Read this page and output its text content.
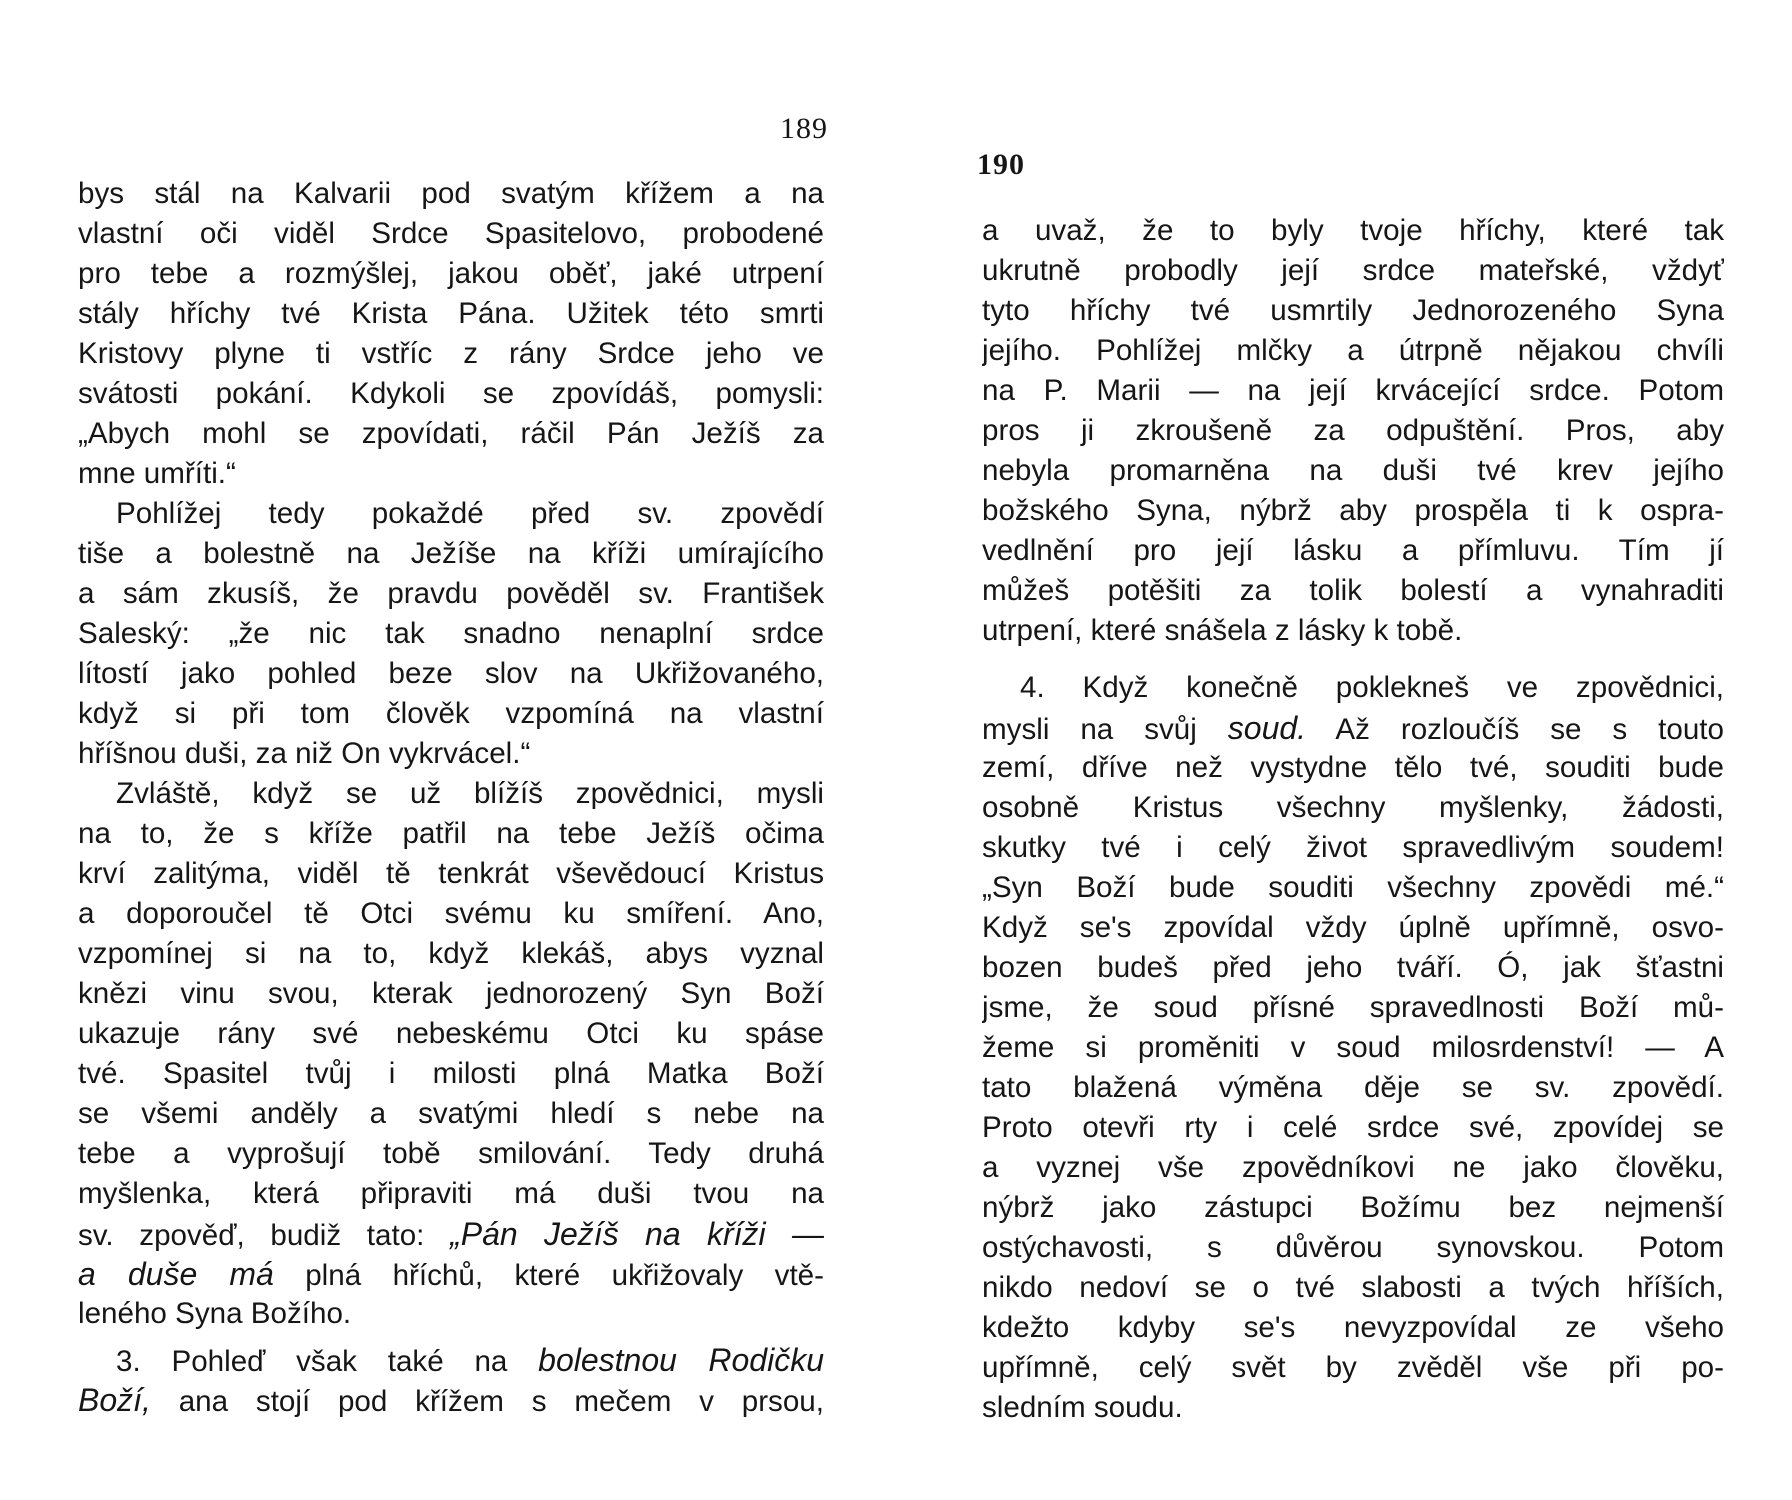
189
190
bys stál na Kalvarii pod svatým křížem a na
vlastní oči viděl Srdce Spasitelovo, probodené
pro tebe a rozmýšlej, jakou oběť, jaké utrpení
stály hříchy tvé Krista Pána. Užitek této smrti
Kristovy plyne ti vstříc z rány Srdce jeho ve
svátosti pokání. Kdykoli se zpovídáš, pomysli:
„Abych mohl se zpovídati, ráčil Pán Ježíš za
mne umříti.“
Pohlížej tedy pokaždé před sv. zpovědí
tiše a bolestně na Ježíše na kříži umírajícího
a sám zkusíš, že pravdu pověděl sv. František
Saleský: „že nic tak snadno nenaplní srdce
lítostí jako pohled beze slov na Ukřižovaného,
když si při tom člověk vzpomíná na vlastní
hříšnou duši, za niž On vykrvácel.“
Zvláště, když se už blížíš zpovědnici, mysli
na to, že s kříže patřil na tebe Ježíš očima
krví zalitýma, viděl tě tenkrát vševědoucí Kristus
a doporoučel tě Otci svému ku smíření. Ano,
vzpomínej si na to, když klekáš, abys vyznal
knězi vinu svou, kterak jednorozený Syn Boží
ukazuje rány své nebeskému Otci ku spáse
tvé. Spasitel tvůj i milosti plná Matka Boží
se všemi anděly a svatými hledí s nebe na
tebe a vyprošují tobě smilování. Tedy druhá
myšlenka, která připraviti má duši tvou na
sv. zpověď, budiž tato: „Pán Ježíš na kříži —
a duše má plná hříchů, které ukřižovaly vtě-
leného Syna Božího.
3. Pohleď však také na bolestnou Rodičku
Boží, ana stojí pod křížem s mečem v prsou,
a uvaž, že to byly tvoje hříchy, které tak
ukrutně probodly její srdce mateřské, vždyť
tyto hříchy tvé usmrtily Jednorozeného Syna
jejího. Pohlížej mlčky a útrpně nějakou chvíli
na P. Marii — na její krvácející srdce. Potom
pros ji zkroušeně za odpuštění. Pros, aby
nebyla promarněna na duši tvé krev jejího
božského Syna, nýbrž aby prospěla ti k ospra-
vedlnění pro její lásku a přímluvu. Tím jí
můžeš potěšiti za tolik bolestí a vynahraditi
utrpení, které snášela z lásky k tobě.
4. Když konečně poklekneš ve zpovědnici,
mysli na svůj soud. Až rozloučíš se s touto
zemí, dříve než vystydne tělo tvé, souditi bude
osobně Kristus všechny myšlenky, žádosti,
skutky tvé i celý život spravedlivým soudem!
„Syn Boží bude souditi všechny zpovědi mé.“
Když se's zpovídal vždy úplně upřímně, osvo-
bozen budeš před jeho tváří. Ó, jak šťastni
jsme, že soud přísné spravedlnosti Boží mů-
žeme si proměniti v soud milosrdenství! — A
tato blažená výměna děje se sv. zpovědí.
Proto otevři rty i celé srdce své, zpovídej se
a vyznej vše zpovědníkovi ne jako člověku,
nýbrž jako zástupci Božímu bez nejmenší
ostýchavosti, s důvěrou synovskou. Potom
nikdo nedoví se o tvé slabosti a tvých hříších,
kdežto kdyby se's nevyzpovídal ze všeho
upřímně, celý svět by zvěděl vše při po-
sledním soudu.
